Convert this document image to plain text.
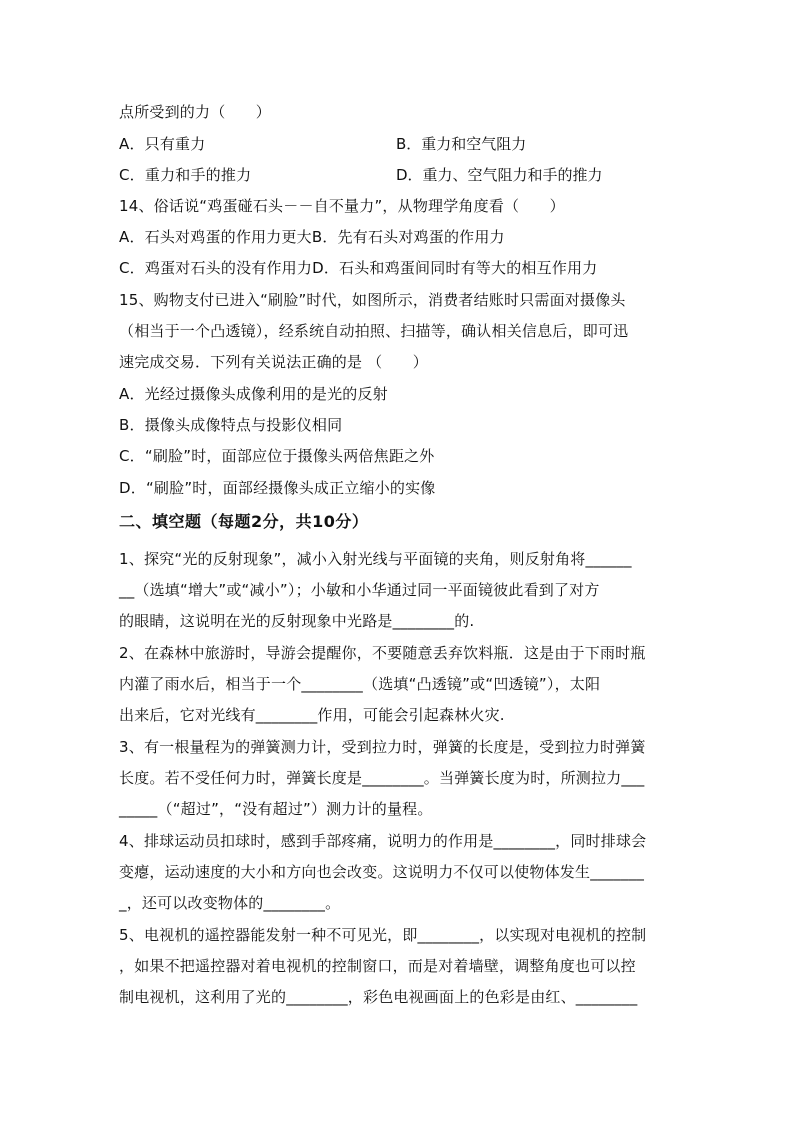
点所受到的力（　　）
A．只有重力	B．重力和空气阻力
C．重力和手的推力	D．重力、空气阻力和手的推力
14、俗话说“鸡蛋碰石头－－自不量力”，从物理学角度看（　　）
A．石头对鸡蛋的作用力更大B．先有石头对鸡蛋的作用力
C．鸡蛋对石头的没有作用力D．石头和鸡蛋间同时有等大的相互作用力
15、购物支付已进入“刷脸”时代，如图所示，消费者结账时只需面对摄像头
（相当于一个凸透镜），经系统自动拍照、扫描等，确认相关信息后，即可迅
速完成交易．下列有关说法正确的是 （　　）
A．光经过摄像头成像利用的是光的反射
B．摄像头成像特点与投影仪相同
C．“刷脸”时，面部应位于摄像头两倍焦距之外
D．“刷脸”时，面部经摄像头成正立缩小的实像
二、填空题（每题2分，共10分）
1、探究“光的反射现象”，减小入射光线与平面镜的夹角，则反射角将______
__（选填“增大”或“减小”）；小敏和小华通过同一平面镜彼此看到了对方
的眼睛，这说明在光的反射现象中光路是________的.
2、在森林中旅游时，导游会提醒你，不要随意丢弃饮料瓶．这是由于下雨时瓶
内灌了雨水后，相当于一个________（选填“凸透镜”或“凹透镜”），太阳
出来后，它对光线有________作用，可能会引起森林火灾.
3、有一根量程为的弹簧测力计，受到拉力时，弹簧的长度是，受到拉力时弹簧
长度。若不受任何力时，弹簧长度是________。当弹簧长度为时，所测拉力___
_____（“超过”，“没有超过”）测力计的量程。
4、排球运动员扣球时，感到手部疼痛，说明力的作用是________，同时排球会
变瘪，运动速度的大小和方向也会改变。这说明力不仅可以使物体发生_______
_，还可以改变物体的________。
5、电视机的遥控器能发射一种不可见光，即________，以实现对电视机的控制
，如果不把遥控器对着电视机的控制窗口，而是对着墙壁，调整角度也可以控
制电视机，这利用了光的________，彩色电视画面上的色彩是由红、________
